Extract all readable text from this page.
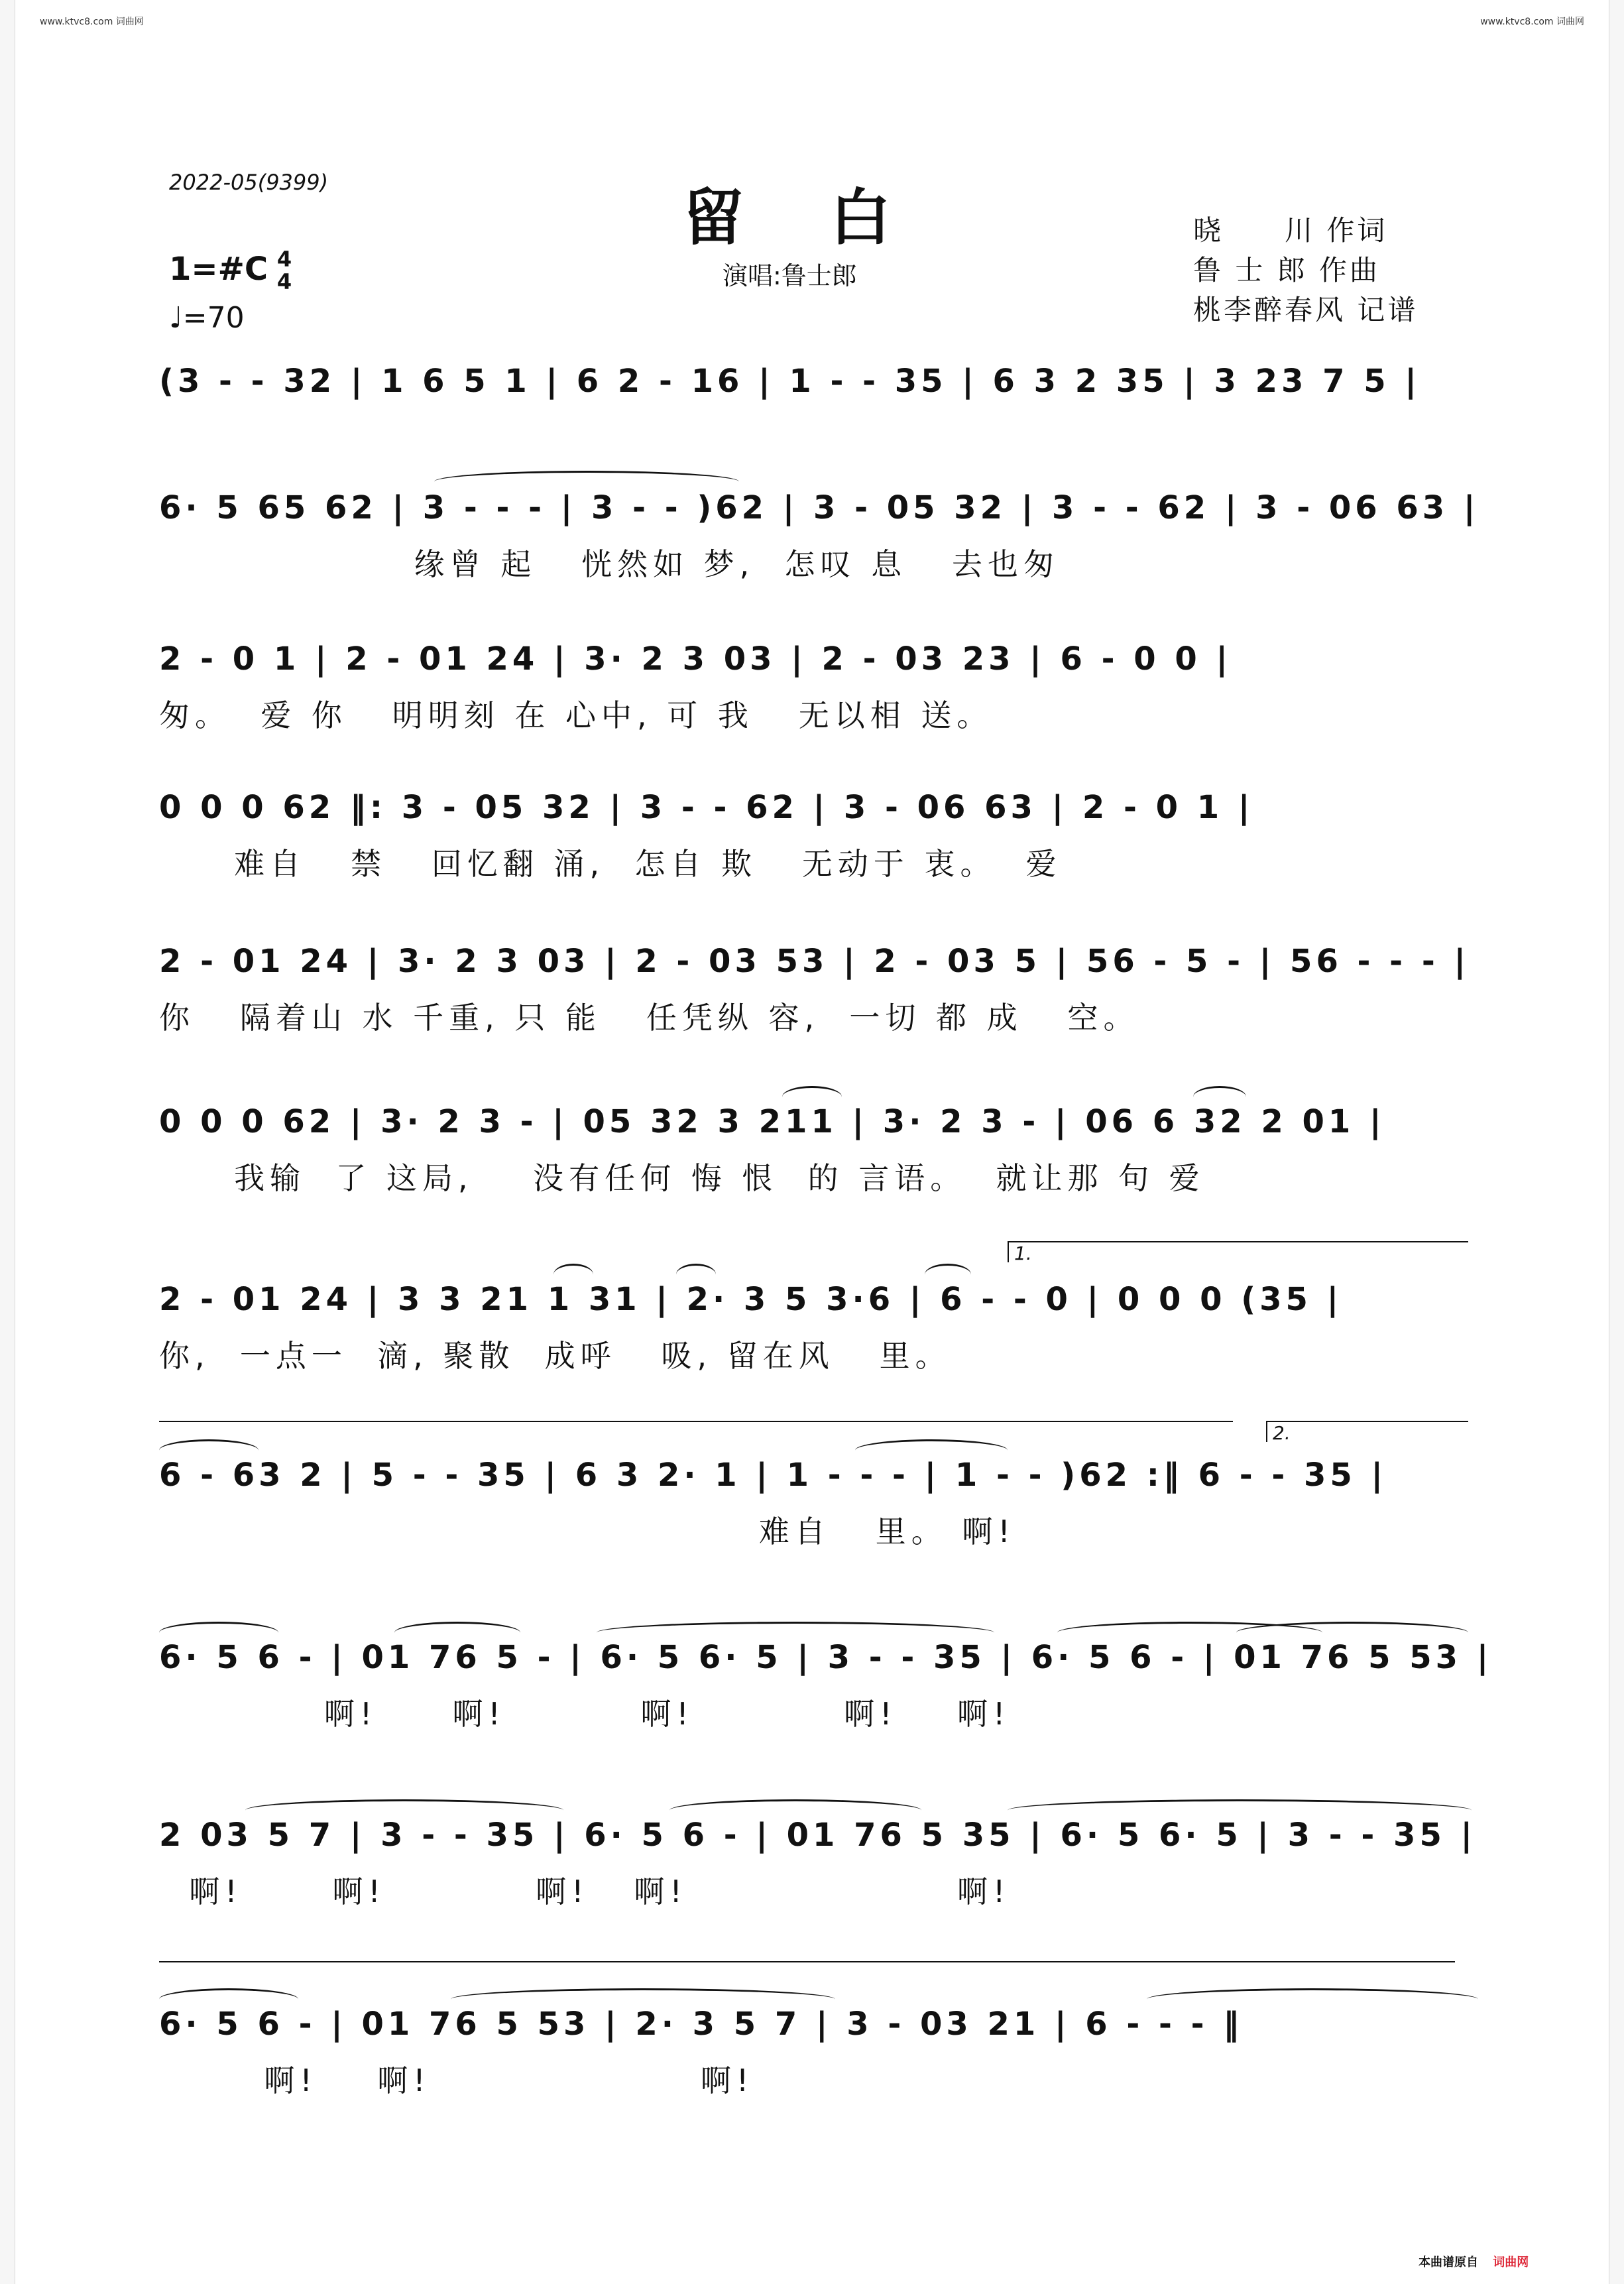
www.ktvc8.com 词曲网	www.ktvc8.com 词曲网
2022-05(9399)	留白
演唱:鲁士郎
1=#C 4
4
♩=70
晓　　川 作词
鲁 士 郎 作曲
桃李醉春风 记谱
(3 - - 32 | 1 6 5 1 | 6 2 - 16 | 1 - - 35 | 6 3 2 35 | 3 23 7 5 |
6· 5 65 62 | 3 - - - | 3 - - )62 | 3 - 05 32 | 3 - - 62 | 3 - 06 63 |
缘曾 起   恍然如 梦,  怎叹 息   去也匆
2 - 0 1 | 2 - 01 24 | 3· 2 3 03 | 2 - 03 23 | 6 - 0 0 |
匆。  爱 你   明明刻 在 心中, 可 我   无以相 送。
0 0 0 62 ‖: 3 - 05 32 | 3 - - 62 | 3 - 06 63 | 2 - 0 1 |
难自   禁   回忆翻 涌,  怎自 欺   无动于 衷。  爱
2 - 01 24 | 3· 2 3 03 | 2 - 03 53 | 2 - 03 5 | 56 - 5 - | 56 - - - |
你   隔着山 水 千重, 只 能   任凭纵 容,  一切 都 成   空。
0 0 0 62 | 3· 2 3 - | 05 32 3 211 | 3· 2 3 - | 06 6 32 2 01 |
我输  了 这局,    没有任何 悔 恨  的 言语。  就让那 句 爱
1.
2 - 01 24 | 3 3 21 1 31 | 2· 3 5 3·6 | 6 - - 0 | 0 0 0 (35 |
你,  一点一  滴, 聚散  成呼   吸, 留在风   里。
2.
6 - 63 2 | 5 - - 35 | 6 3 2· 1 | 1 - - - | 1 - - )62 :‖ 6 - - 35 |
难自   里。 啊!
6· 5 6 - | 01 76 5 - | 6· 5 6· 5 | 3 - - 35 | 6· 5 6 - | 01 76 5 53 |
啊!     啊!         啊!          啊!    啊!
2 03 5 7 | 3 - - 35 | 6· 5 6 - | 01 76 5 35 | 6· 5 6· 5 | 3 - - 35 |
啊!      啊!          啊!   啊!                  啊!
6· 5 6 - | 01 76 5 53 | 2· 3 5 7 | 3 - 03 21 | 6 - - - ‖
啊!    啊!                  啊!
本曲谱原自 词曲网
